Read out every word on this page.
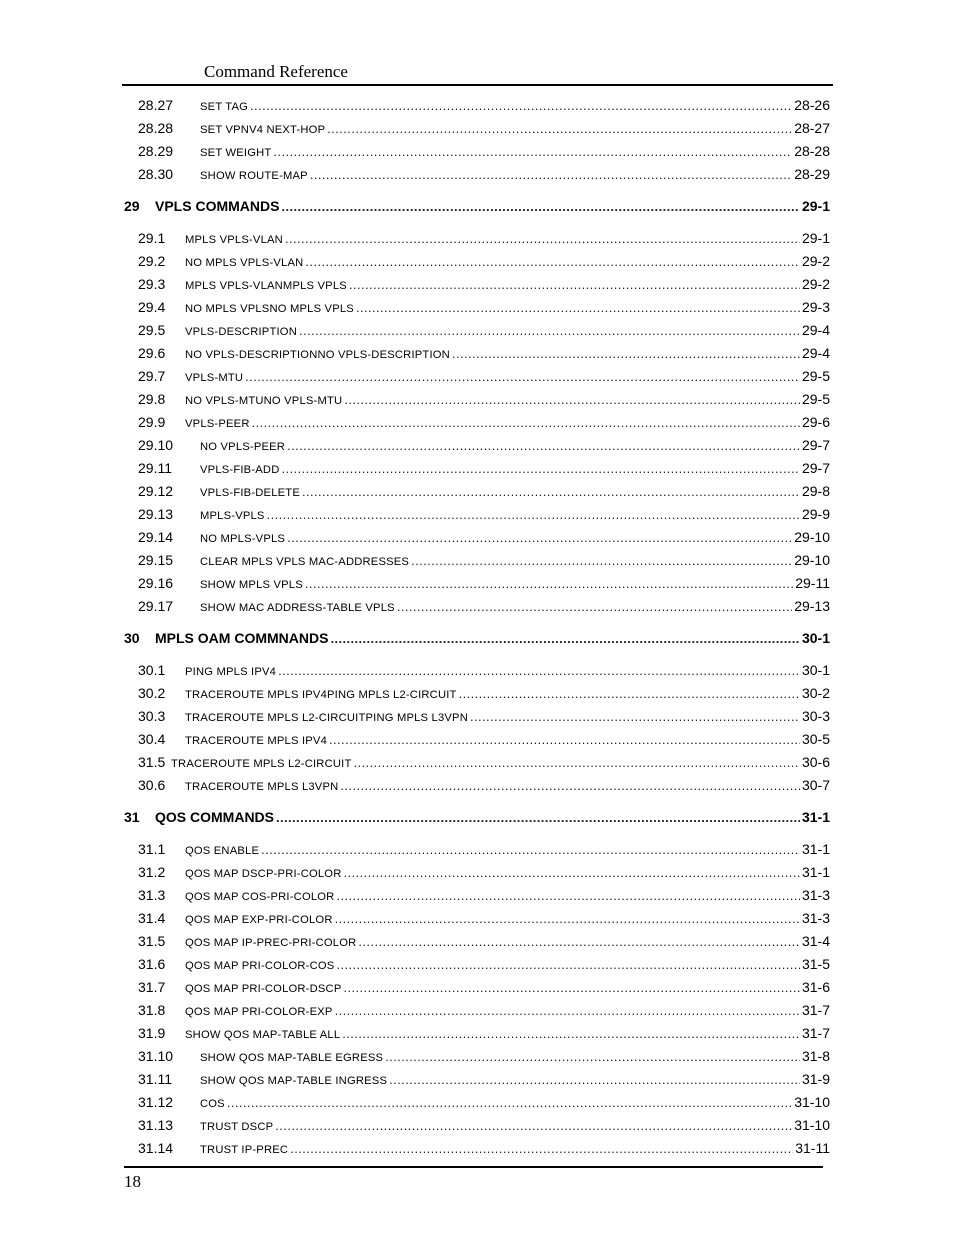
Command Reference
28.27 SET TAG .....	28-26
28.28 SET VPNV4 NEXT-HOP .....	28-27
28.29 SET WEIGHT .....	28-28
28.30 SHOW ROUTE-MAP .....	28-29
29 VPLS COMMANDS .....	29-1
29.1 MPLS VPLS-VLAN .....	29-1
29.2 NO MPLS VPLS-VLAN .....	29-2
29.3 MPLS VPLS-VLANMPLS VPLS .....	29-2
29.4 NO MPLS VPLSNO MPLS VPLS .....	29-3
29.5 VPLS-DESCRIPTION .....	29-4
29.6 NO VPLS-DESCRIPTIONNO VPLS-DESCRIPTION .....	29-4
29.7 VPLS-MTU .....	29-5
29.8 NO VPLS-MTUNO VPLS-MTU .....	29-5
29.9 VPLS-PEER .....	29-6
29.10 NO VPLS-PEER .....	29-7
29.11	VPLS-FIB-ADD .....	29-7
29.12 VPLS-FIB-DELETE .....	29-8
29.13 MPLS-VPLS .....	29-9
29.14 NO MPLS-VPLS .....	29-10
29.15 CLEAR MPLS VPLS MAC-ADDRESSES .....	29-10
29.16 SHOW MPLS VPLS .....	29-11
29.17 SHOW MAC ADDRESS-TABLE VPLS .....	29-13
30 MPLS OAM COMMNANDS .....	30-1
30.1 PING MPLS IPV4 .....	30-1
30.2 TRACEROUTE MPLS IPV4PING MPLS L2-CIRCUIT .....	30-2
30.3 TRACEROUTE MPLS L2-CIRCUITPING MPLS L3VPN .....	30-3
30.4 TRACEROUTE MPLS IPV4 .....	30-5
31.5 TRACEROUTE MPLS L2-CIRCUIT .....	30-6
30.6 TRACEROUTE MPLS L3VPN .....	30-7
31 QOS COMMANDS .....	31-1
31.1 QOS ENABLE .....	31-1
31.2 QOS MAP DSCP-PRI-COLOR .....	31-1
31.3 QOS MAP COS-PRI-COLOR .....	31-3
31.4 QOS MAP EXP-PRI-COLOR .....	31-3
31.5 QOS MAP IP-PREC-PRI-COLOR .....	31-4
31.6 QOS MAP PRI-COLOR-COS .....	31-5
31.7 QOS MAP PRI-COLOR-DSCP .....	31-6
31.8 QOS MAP PRI-COLOR-EXP .....	31-7
31.9 SHOW QOS MAP-TABLE ALL .....	31-7
31.10 SHOW QOS MAP-TABLE EGRESS .....	31-8
31.11	SHOW QOS MAP-TABLE INGRESS .....	31-9
31.12 COS .....	31-10
31.13 TRUST DSCP .....	31-10
31.14 TRUST IP-PREC .....	31-11
18
